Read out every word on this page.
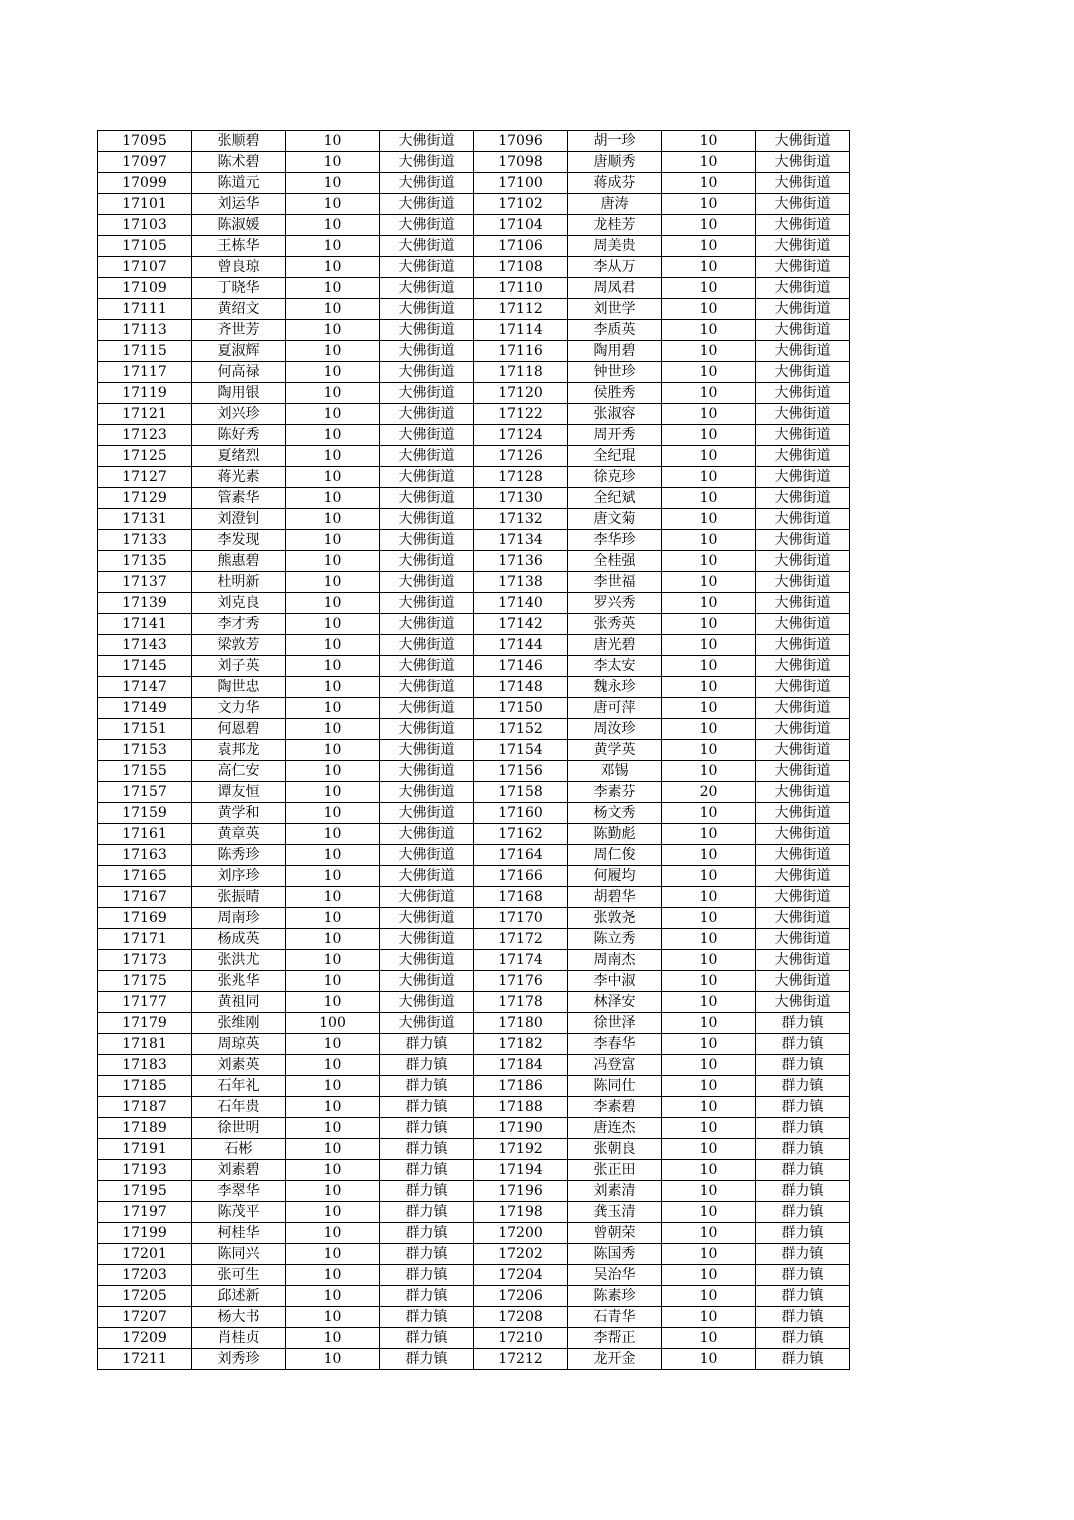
17095	张顺碧	10	大佛街道	17096	胡一珍	10	大佛街道
17097	陈术碧	10	大佛街道	17098	唐顺秀	10	大佛街道
17099	陈道元	10	大佛街道	17100	蒋成芬	10	大佛街道
17101	刘运华	10	大佛街道	17102	唐涛	10	大佛街道
17103	陈淑媛	10	大佛街道	17104	龙桂芳	10	大佛街道
17105	王栋华	10	大佛街道	17106	周美贵	10	大佛街道
17107	曾良琼	10	大佛街道	17108	李从万	10	大佛街道
17109	丁晓华	10	大佛街道	17110	周凤君	10	大佛街道
17111	黄绍文	10	大佛街道	17112	刘世学	10	大佛街道
17113	齐世芳	10	大佛街道	17114	李质英	10	大佛街道
17115	夏淑辉	10	大佛街道	17116	陶用碧	10	大佛街道
17117	何高禄	10	大佛街道	17118	钟世珍	10	大佛街道
17119	陶用银	10	大佛街道	17120	侯胜秀	10	大佛街道
17121	刘兴珍	10	大佛街道	17122	张淑容	10	大佛街道
17123	陈好秀	10	大佛街道	17124	周开秀	10	大佛街道
17125	夏绪烈	10	大佛街道	17126	全纪琨	10	大佛街道
17127	蒋光素	10	大佛街道	17128	徐克珍	10	大佛街道
17129	管素华	10	大佛街道	17130	全纪斌	10	大佛街道
17131	刘澄钊	10	大佛街道	17132	唐文菊	10	大佛街道
17133	李发现	10	大佛街道	17134	李华珍	10	大佛街道
17135	熊惠碧	10	大佛街道	17136	全桂强	10	大佛街道
17137	杜明新	10	大佛街道	17138	李世福	10	大佛街道
17139	刘克良	10	大佛街道	17140	罗兴秀	10	大佛街道
17141	李才秀	10	大佛街道	17142	张秀英	10	大佛街道
17143	梁敦芳	10	大佛街道	17144	唐光碧	10	大佛街道
17145	刘子英	10	大佛街道	17146	李太安	10	大佛街道
17147	陶世忠	10	大佛街道	17148	魏永珍	10	大佛街道
17149	文力华	10	大佛街道	17150	唐可萍	10	大佛街道
17151	何恩碧	10	大佛街道	17152	周汝珍	10	大佛街道
17153	袁邦龙	10	大佛街道	17154	黄学英	10	大佛街道
17155	高仁安	10	大佛街道	17156	邓锡	10	大佛街道
17157	谭友恒	10	大佛街道	17158	李素芬	20	大佛街道
17159	黄学和	10	大佛街道	17160	杨文秀	10	大佛街道
17161	黄章英	10	大佛街道	17162	陈勤彪	10	大佛街道
17163	陈秀珍	10	大佛街道	17164	周仁俊	10	大佛街道
17165	刘序珍	10	大佛街道	17166	何履均	10	大佛街道
17167	张振晴	10	大佛街道	17168	胡碧华	10	大佛街道
17169	周南珍	10	大佛街道	17170	张敦尧	10	大佛街道
17171	杨成英	10	大佛街道	17172	陈立秀	10	大佛街道
17173	张洪尤	10	大佛街道	17174	周南杰	10	大佛街道
17175	张兆华	10	大佛街道	17176	李中淑	10	大佛街道
17177	黄祖同	10	大佛街道	17178	林泽安	10	大佛街道
17179	张维刚	100	大佛街道	17180	徐世泽	10	群力镇
17181	周琼英	10	群力镇	17182	李春华	10	群力镇
17183	刘素英	10	群力镇	17184	冯登富	10	群力镇
17185	石年礼	10	群力镇	17186	陈同仕	10	群力镇
17187	石年贵	10	群力镇	17188	李素碧	10	群力镇
17189	徐世明	10	群力镇	17190	唐连杰	10	群力镇
17191	石彬	10	群力镇	17192	张朝良	10	群力镇
17193	刘素碧	10	群力镇	17194	张正田	10	群力镇
17195	李翠华	10	群力镇	17196	刘素清	10	群力镇
17197	陈茂平	10	群力镇	17198	龚玉清	10	群力镇
17199	柯桂华	10	群力镇	17200	曾朝荣	10	群力镇
17201	陈同兴	10	群力镇	17202	陈国秀	10	群力镇
17203	张可生	10	群力镇	17204	吴治华	10	群力镇
17205	邱述新	10	群力镇	17206	陈素珍	10	群力镇
17207	杨大书	10	群力镇	17208	石青华	10	群力镇
17209	肖桂贞	10	群力镇	17210	李帮正	10	群力镇
17211	刘秀珍	10	群力镇	17212	龙开金	10	群力镇
